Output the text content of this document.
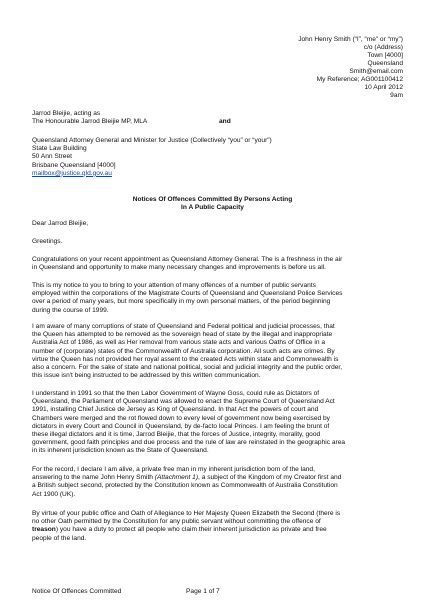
John Henry Smith (“I”, “me” or “my”)
c/o (Address)
Town [4000]
Queensland
Smith@email.com
My Reference; AG001100412
10 April 2012
9am
Jarrod Bleijie, acting as
The Honourable Jarrod Bleijie MP, MLA	and
Queensland Attorney General and Minister for Justice (Collectively “you” or “your”)
State Law Building
50 Ann Street
Brisbane Queensland [4000]
mailbox@justice.qld.gov.au
Notices Of Offences Committed By Persons Acting
In A Public Capacity
Dear Jarrod Bleijie,
Greetings.
Congratulations on your recent appointment as Queensland Attorney General. The is a freshness in the air
in Queensland and opportunity to make many necessary changes and improvements is before us all.
This is my notice to you to bring to your attention of many offences of a number of public servants
employed within the corporations of the Magistrate Courts of Queensland and Queensland Police Services
over a period of many years, but more specifically in my own personal matters, of the period beginning
during the course of 1999.
I am aware of many corruptions of state of Queensland and Federal political and judicial processes, that
the Queen has attempted to be removed as the sovereign head of state by the illegal and inappropriate
Australia Act of 1986, as well as Her removal from various state acts and various Oaths of Office in a
number of (corporate) states of the Commonwealth of Australia corporation. All such acts are crimes. By
virtue the Queen has not provided her royal assent to the created Acts within state and Commonwealth is
also a concern. For the sake of state and national political, social and judicial integrity and the public order,
this issue isn't being instructed to be addressed by this written communication.
I understand in 1991 so that the then Labor Government of Wayne Goss, could rule as Dictators of
Queensland, the Parliament of Queensland was allowed to enact the Supreme Court of Queensland Act
1991, installing Chief Justice de Jersey as King of Queensland. In that Act the powers of court and
Chambers were merged and the rot flowed down to every level of government now being exercised by
dictators in every Court and Council in Queensland, by de-facto local Princes. I am feeling the brunt of
these illegal dictators and it is time, Jarrod Bleijie, that the forces of Justice, integrity, morality, good
government, good faith principles and due process and the rule of law are reinstated in the geographic area
in its inherent jurisdiction known as the State of Queensland.
For the record, I declare I am alive, a private free man in my inherent jurisdiction born of the land,
answering to the name John Henry Smith (Attachment 1), a subject of the Kingdom of my Creator first and
a British subject second, protected by the Constitution known as Commonwealth of Australia Constitution
Act 1900 (UK).
By virtue of your public office and Oath of Allegiance to Her Majesty Queen Elizabeth the Second (there is
no other Oath permitted by the Constitution for any public servant without committing the offence of
treason) you have a duty to protect all people who claim their inherent jurisdiction as private and free
people of the land.
Notice Of Offences Committed	Page 1 of 7
